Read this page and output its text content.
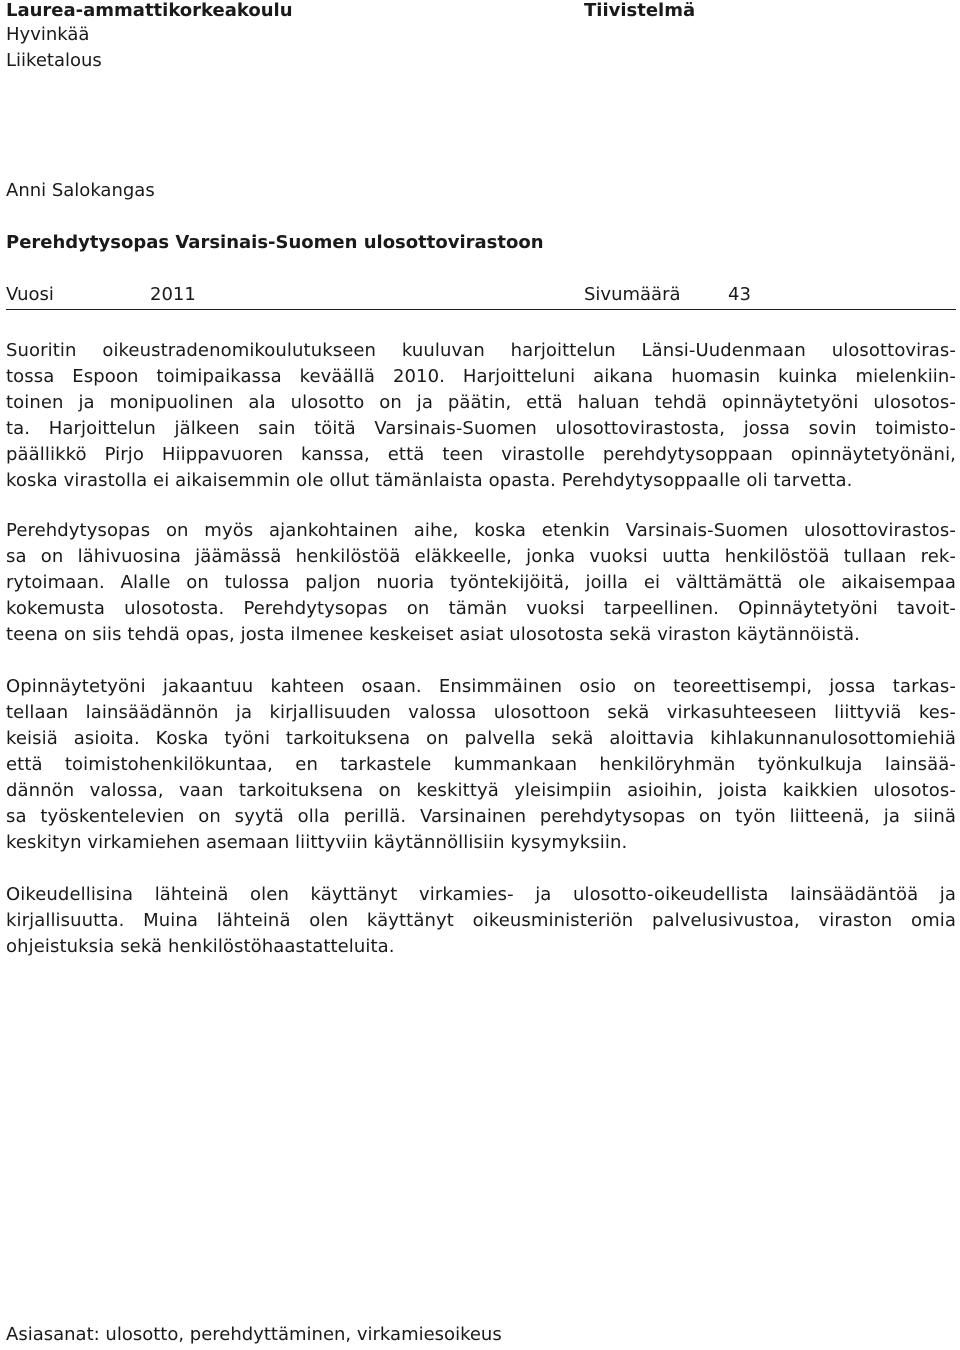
Laurea-ammattikorkeakoulu
Hyvinkää
Liiketalous
Tiivistelmä
Anni Salokangas
Perehdytysopas Varsinais-Suomen ulosottovirastoon
Vuosi	2011	Sivumäärä	43
Suoritin oikeustradenomikoulutukseen kuuluvan harjoittelun Länsi-Uudenmaan ulosottoviras-
tossa Espoon toimipaikassa keväällä 2010. Harjoitteluni aikana huomasin kuinka mielenkiin-
toinen ja monipuolinen ala ulosotto on ja päätin, että haluan tehdä opinnäytetyöni ulosotos-
ta. Harjoittelun jälkeen sain töitä Varsinais-Suomen ulosottovirastosta, jossa sovin toimisto-
päällikkö Pirjo Hiippavuoren kanssa, että teen virastolle perehdytysoppaan opinnäytetyönäni,
koska virastolla ei aikaisemmin ole ollut tämänlaista opasta. Perehdytysoppaalle oli tarvetta.
Perehdytysopas on myös ajankohtainen aihe, koska etenkin Varsinais-Suomen ulosottovirastos-
sa on lähivuosina jäämässä henkilöstöä eläkkeelle, jonka vuoksi uutta henkilöstöä tullaan rek-
rytoimaan. Alalle on tulossa paljon nuoria työntekijöitä, joilla ei välttämättä ole aikaisempaa
kokemusta ulosotosta. Perehdytysopas on tämän vuoksi tarpeellinen. Opinnäytetyöni tavoit-
teena on siis tehdä opas, josta ilmenee keskeiset asiat ulosotosta sekä viraston käytännöistä.
Opinnäytetyöni jakaantuu kahteen osaan. Ensimmäinen osio on teoreettisempi, jossa tarkas-
tellaan lainsäädännön ja kirjallisuuden valossa ulosottoon sekä virkasuhteeseen liittyviä kes-
keisiä asioita. Koska työni tarkoituksena on palvella sekä aloittavia kihlakunnanulosottomiehiä
että toimistohenkilökuntaa, en tarkastele kummankaan henkilöryhmän työnkulkuja lainsää-
dännön valossa, vaan tarkoituksena on keskittyä yleisimpiin asioihin, joista kaikkien ulosotos-
sa työskentelevien on syytä olla perillä. Varsinainen perehdytysopas on työn liitteenä, ja siinä
keskityn virkamiehen asemaan liittyviin käytännöllisiin kysymyksiin.
Oikeudellisina lähteinä olen käyttänyt virkamies- ja ulosotto-oikeudellista lainsäädäntöä ja
kirjallisuutta. Muina lähteinä olen käyttänyt oikeusministeriön palvelusivustoa, viraston omia
ohjeistuksia sekä henkilöstöhaastatteluita.
Asiasanat: ulosotto, perehdyttäminen, virkamiesoikeus
